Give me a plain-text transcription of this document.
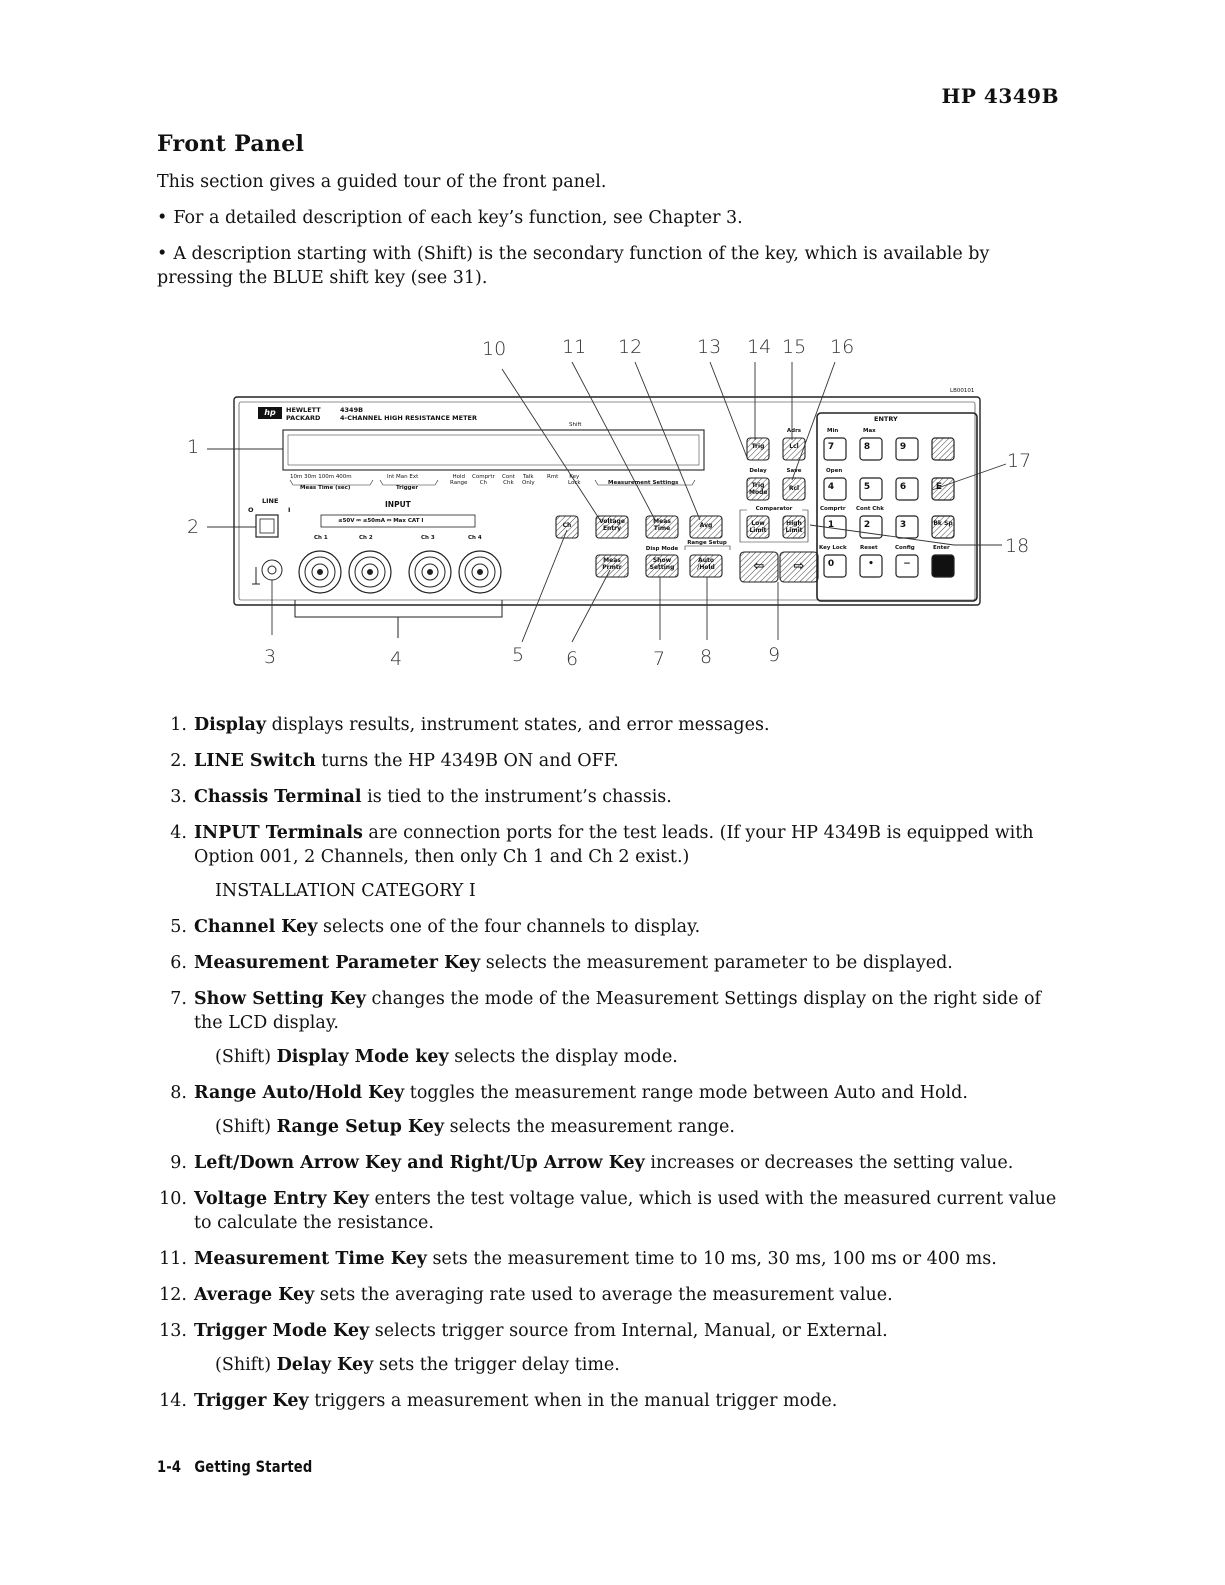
HP 4349B
Front Panel

This section gives a guided tour of the front panel.

• For a detailed description of each key’s function, see Chapter 3.

• A description starting with (Shift) is the secondary function of the key, which is available by

pressing the BLUE shift key (see 31).

10	11 12	13 14 15 16
1
2
17
18
3	4	5 6	7 8	9
LB00101
hp	HEWLETT
PACKARD
4349B
4-CHANNEL HIGH RESISTANCE METER
Shift
10m 30m 100m 400m
Meas Time (sec)
Int Man Ext
Trigger
Hold
Range
Comprtr
Ch
Cont
Chk
Talk
Only
Rmt Key
Lock	Measurement Settings
LINE
O	I
INPUT
≤50V ⎓ ≤50mA ⎓ Max CAT I
Ch 1	Ch 2	Ch 3	Ch 4
Ch
Voltage Entry
Meas Time	Avg
Meas Prmtr
Disp Mode
Show Setting
Range Setup
Auto /Hold
Trig
Adrs
Lcl
Delay	Save
Trig Mode
Rcl
Comparator
Low Limit
High Limit
⇦ ⇨
ENTRY
Min	Max
Open
Comprtr Cont Chk
Key Lock Reset	Config	Enter
7	8	9
4	5	6
1	2	3
0	•	−
E
Bk Sp

1. Display displays results, instrument states, and error messages.

2. LINE Switch turns the HP 4349B ON and OFF.

3. Chassis Terminal is tied to the instrument’s chassis.

4. INPUT Terminals are connection ports for the test leads. (If your HP 4349B is equipped with Option 001, 2 Channels, then only Ch 1 and Ch 2 exist.)

INSTALLATION CATEGORY I

5. Channel Key selects one of the four channels to display.

6. Measurement Parameter Key selects the measurement parameter to be displayed.

7. Show Setting Key changes the mode of the Measurement Settings display on the right side of the LCD display.

(Shift) Display Mode key selects the display mode.

8. Range Auto/Hold Key toggles the measurement range mode between Auto and Hold.

(Shift) Range Setup Key selects the measurement range.

9. Left/Down Arrow Key and Right/Up Arrow Key increases or decreases the setting value.

10. Voltage Entry Key enters the test voltage value, which is used with the measured current value to calculate the resistance.

11. Measurement Time Key sets the measurement time to 10 ms, 30 ms, 100 ms or 400 ms.

12. Average Key sets the averaging rate used to average the measurement value.

13. Trigger Mode Key selects trigger source from Internal, Manual, or External.

(Shift) Delay Key sets the trigger delay time.

14. Trigger Key triggers a measurement when in the manual trigger mode.

1-4 Getting Started
